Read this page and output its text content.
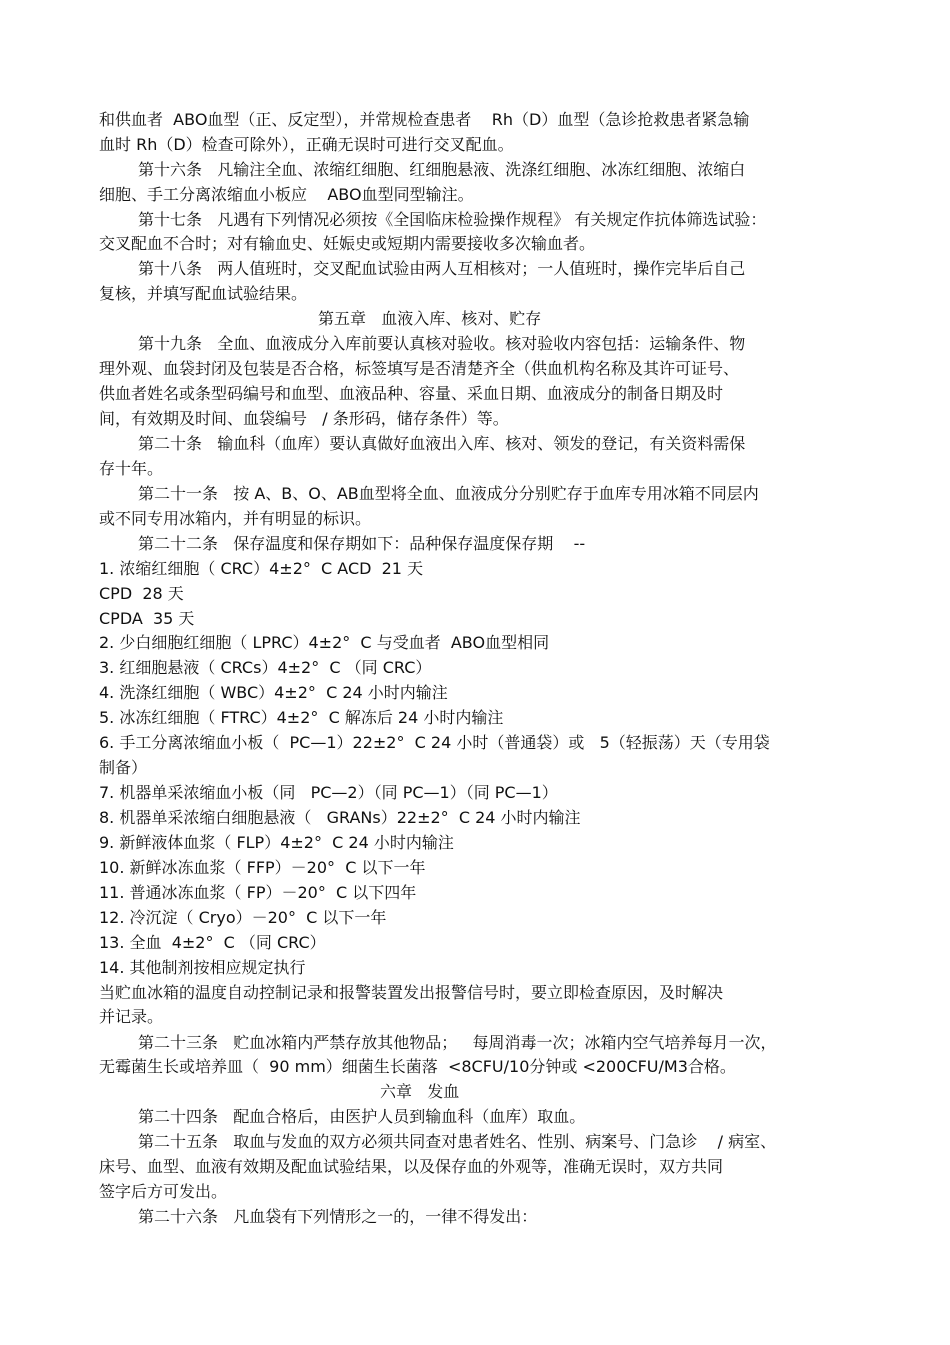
和供血者  ABO血型（正、反定型），并常规检查患者    Rh（D）血型（急诊抢救患者紧急输
血时 Rh（D）检查可除外），正确无误时可进行交叉配血。
第十六条   凡输注全血、浓缩红细胞、红细胞悬液、洗涤红细胞、冰冻红细胞、浓缩白
细胞、手工分离浓缩血小板应    ABO血型同型输注。
第十七条   凡遇有下列情况必须按《全国临床检验操作规程》 有关规定作抗体筛选试验：
交叉配血不合时；对有输血史、妊娠史或短期内需要接收多次输血者。
第十八条   两人值班时，交叉配血试验由两人互相核对；一人值班时，操作完毕后自己
复核，并填写配血试验结果。
第五章   血液入库、核对、贮存
第十九条   全血、血液成分入库前要认真核对验收。核对验收内容包括：运输条件、物
理外观、血袋封闭及包装是否合格，标签填写是否清楚齐全（供血机构名称及其许可证号、
供血者姓名或条型码编号和血型、血液品种、容量、采血日期、血液成分的制备日期及时
间，有效期及时间、血袋编号   / 条形码，储存条件）等。
第二十条   输血科（血库）要认真做好血液出入库、核对、领发的登记，有关资料需保
存十年。
第二十一条   按 A、B、O、AB血型将全血、血液成分分别贮存于血库专用冰箱不同层内
或不同专用冰箱内，并有明显的标识。
第二十二条   保存温度和保存期如下：品种保存温度保存期    --
1. 浓缩红细胞（ CRC）4±2°  C ACD  21 天
CPD  28 天
CPDA  35 天
2. 少白细胞红细胞（ LPRC）4±2°  C 与受血者  ABO血型相同
3. 红细胞悬液（ CRCs）4±2°  C （同 CRC）
4. 洗涤红细胞（ WBC）4±2°  C 24 小时内输注
5. 冰冻红细胞（ FTRC）4±2°  C 解冻后 24 小时内输注
6. 手工分离浓缩血小板（  PC—1）22±2°  C 24 小时（普通袋）或   5（轻振荡）天（专用袋
制备）
7. 机器单采浓缩血小板（同   PC—2）（同 PC—1）（同 PC—1）
8. 机器单采浓缩白细胞悬液（   GRANs）22±2°  C 24 小时内输注
9. 新鲜液体血浆（ FLP）4±2°  C 24 小时内输注
10. 新鲜冰冻血浆（ FFP）－20°  C 以下一年
11. 普通冰冻血浆（ FP）－20°  C 以下四年
12. 冷沉淀（ Cryo）－20°  C 以下一年
13. 全血  4±2°  C （同 CRC）
14. 其他制剂按相应规定执行
当贮血冰箱的温度自动控制记录和报警装置发出报警信号时，要立即检查原因，及时解决
并记录。
第二十三条   贮血冰箱内严禁存放其他物品；   每周消毒一次；冰箱内空气培养每月一次，
无霉菌生长或培养皿（  90 mm）细菌生长菌落  <8CFU/10分钟或 <200CFU/M3合格。
六章   发血
第二十四条   配血合格后，由医护人员到输血科（血库）取血。
第二十五条   取血与发血的双方必须共同查对患者姓名、性别、病案号、门急诊    / 病室、
床号、血型、血液有效期及配血试验结果，以及保存血的外观等，准确无误时，双方共同
签字后方可发出。
第二十六条   凡血袋有下列情形之一的，一律不得发出：
